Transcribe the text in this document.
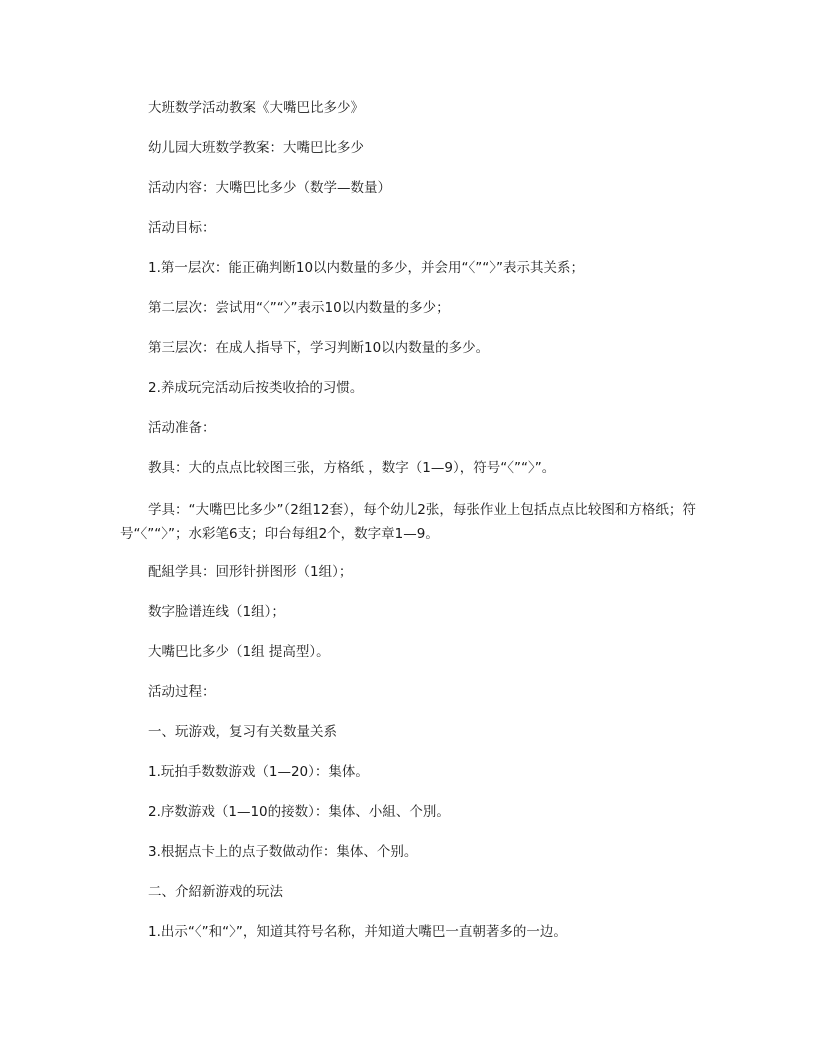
大班数学活动教案《大嘴巴比多少》

幼儿园大班数学教案：大嘴巴比多少

活动内容：大嘴巴比多少（数学—数量）

活动目标：

1.第一层次：能正确判断10以内数量的多少，并会用“〈”“〉”表示其关系；

第二层次：尝试用“〈”“〉”表示10以内数量的多少；

第三层次：在成人指导下，学习判断10以内数量的多少。

2.养成玩完活动后按类收拾的习惯。

活动准备：

教具：大的点点比较图三张，方格纸 ，数字（1—9），符号“〈”“〉”。

学具：“大嘴巴比多少”（2组12套），每个幼儿2张，每张作业上包括点点比较图和方格纸；符号“〈”“〉”；水彩笔6支；印台每组2个，数字章1—9。

配組学具：回形针拼图形（1组）；

数字脸谱连线（1组）；

大嘴巴比多少（1组 提高型）。

活动过程：

一、玩游戏，复习有关数量关系

1.玩拍手数数游戏（1—20）：集体。

2.序数游戏（1—10的接数）：集体、小組、个別。

3.根据点卡上的点子数做动作：集体、个别。

二、介紹新游戏的玩法

1.出示“〈”和“〉”，知道其符号名称，并知道大嘴巴一直朝著多的一边。
